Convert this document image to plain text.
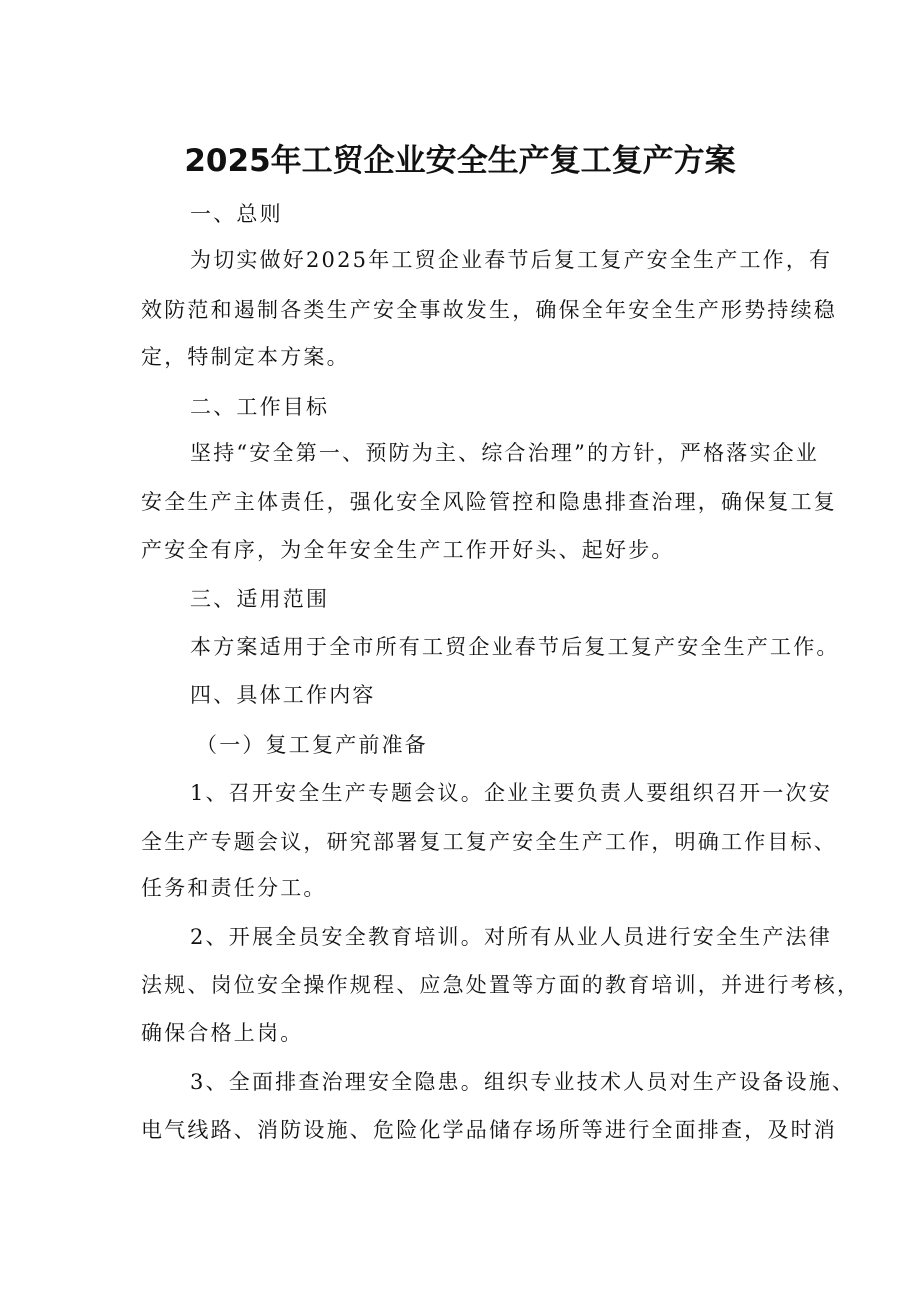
2025年工贸企业安全生产复工复产方案
一、总则
为切实做好2025年工贸企业春节后复工复产安全生产工作，有
效防范和遏制各类生产安全事故发生，确保全年安全生产形势持续稳
定，特制定本方案。
二、工作目标
坚持“安全第一、预防为主、综合治理”的方针，严格落实企业
安全生产主体责任，强化安全风险管控和隐患排查治理，确保复工复
产安全有序，为全年安全生产工作开好头、起好步。
三、适用范围
本方案适用于全市所有工贸企业春节后复工复产安全生产工作。
四、具体工作内容
（一）复工复产前准备
1、召开安全生产专题会议。企业主要负责人要组织召开一次安
全生产专题会议，研究部署复工复产安全生产工作，明确工作目标、
任务和责任分工。
2、开展全员安全教育培训。对所有从业人员进行安全生产法律
法规、岗位安全操作规程、应急处置等方面的教育培训，并进行考核，
确保合格上岗。
3、全面排查治理安全隐患。组织专业技术人员对生产设备设施、
电气线路、消防设施、危险化学品储存场所等进行全面排查，及时消
